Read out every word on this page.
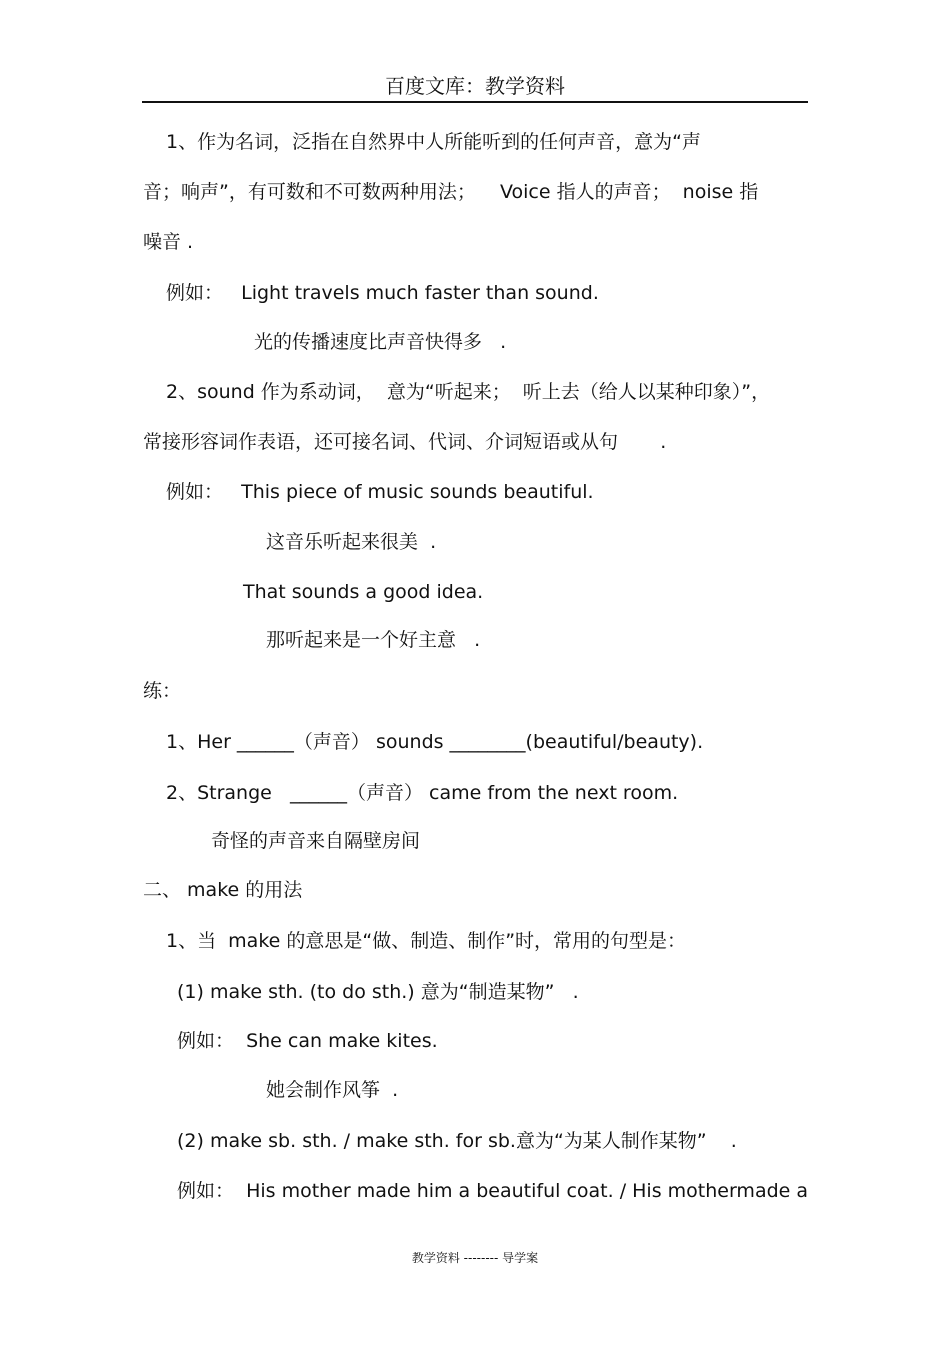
百度文库：教学资料
1、作为名词，泛指在自然界中人所能听到的任何声音，意为“声
音；响声”，有可数和不可数两种用法；    Voice 指人的声音；  noise 指
噪音 .
例如：   Light travels much faster than sound.
光的传播速度比声音快得多   .
2、sound 作为系动词，  意为“听起来；  听上去（给人以某种印象）”，
常接形容词作表语，还可接名词、代词、介词短语或从句       .
例如：   This piece of music sounds beautiful.
这音乐听起来很美  .
That sounds a good idea.
那听起来是一个好主意   .
练：
1、Her ______（声音） sounds ________(beautiful/beauty).
2、Strange   ______（声音） came from the next room.
奇怪的声音来自隔壁房间
二、 make 的用法
1、当  make 的意思是“做、制造、制作”时，常用的句型是：
(1) make sth. (to do sth.) 意为“制造某物”   .
例如：  She can make kites.
她会制作风筝  .
(2) make sb. sth. / make sth. for sb.意为“为某人制作某物”    .
例如：  His mother made him a beautiful coat. / His mothermade a
教学资料 -------- 导学案
